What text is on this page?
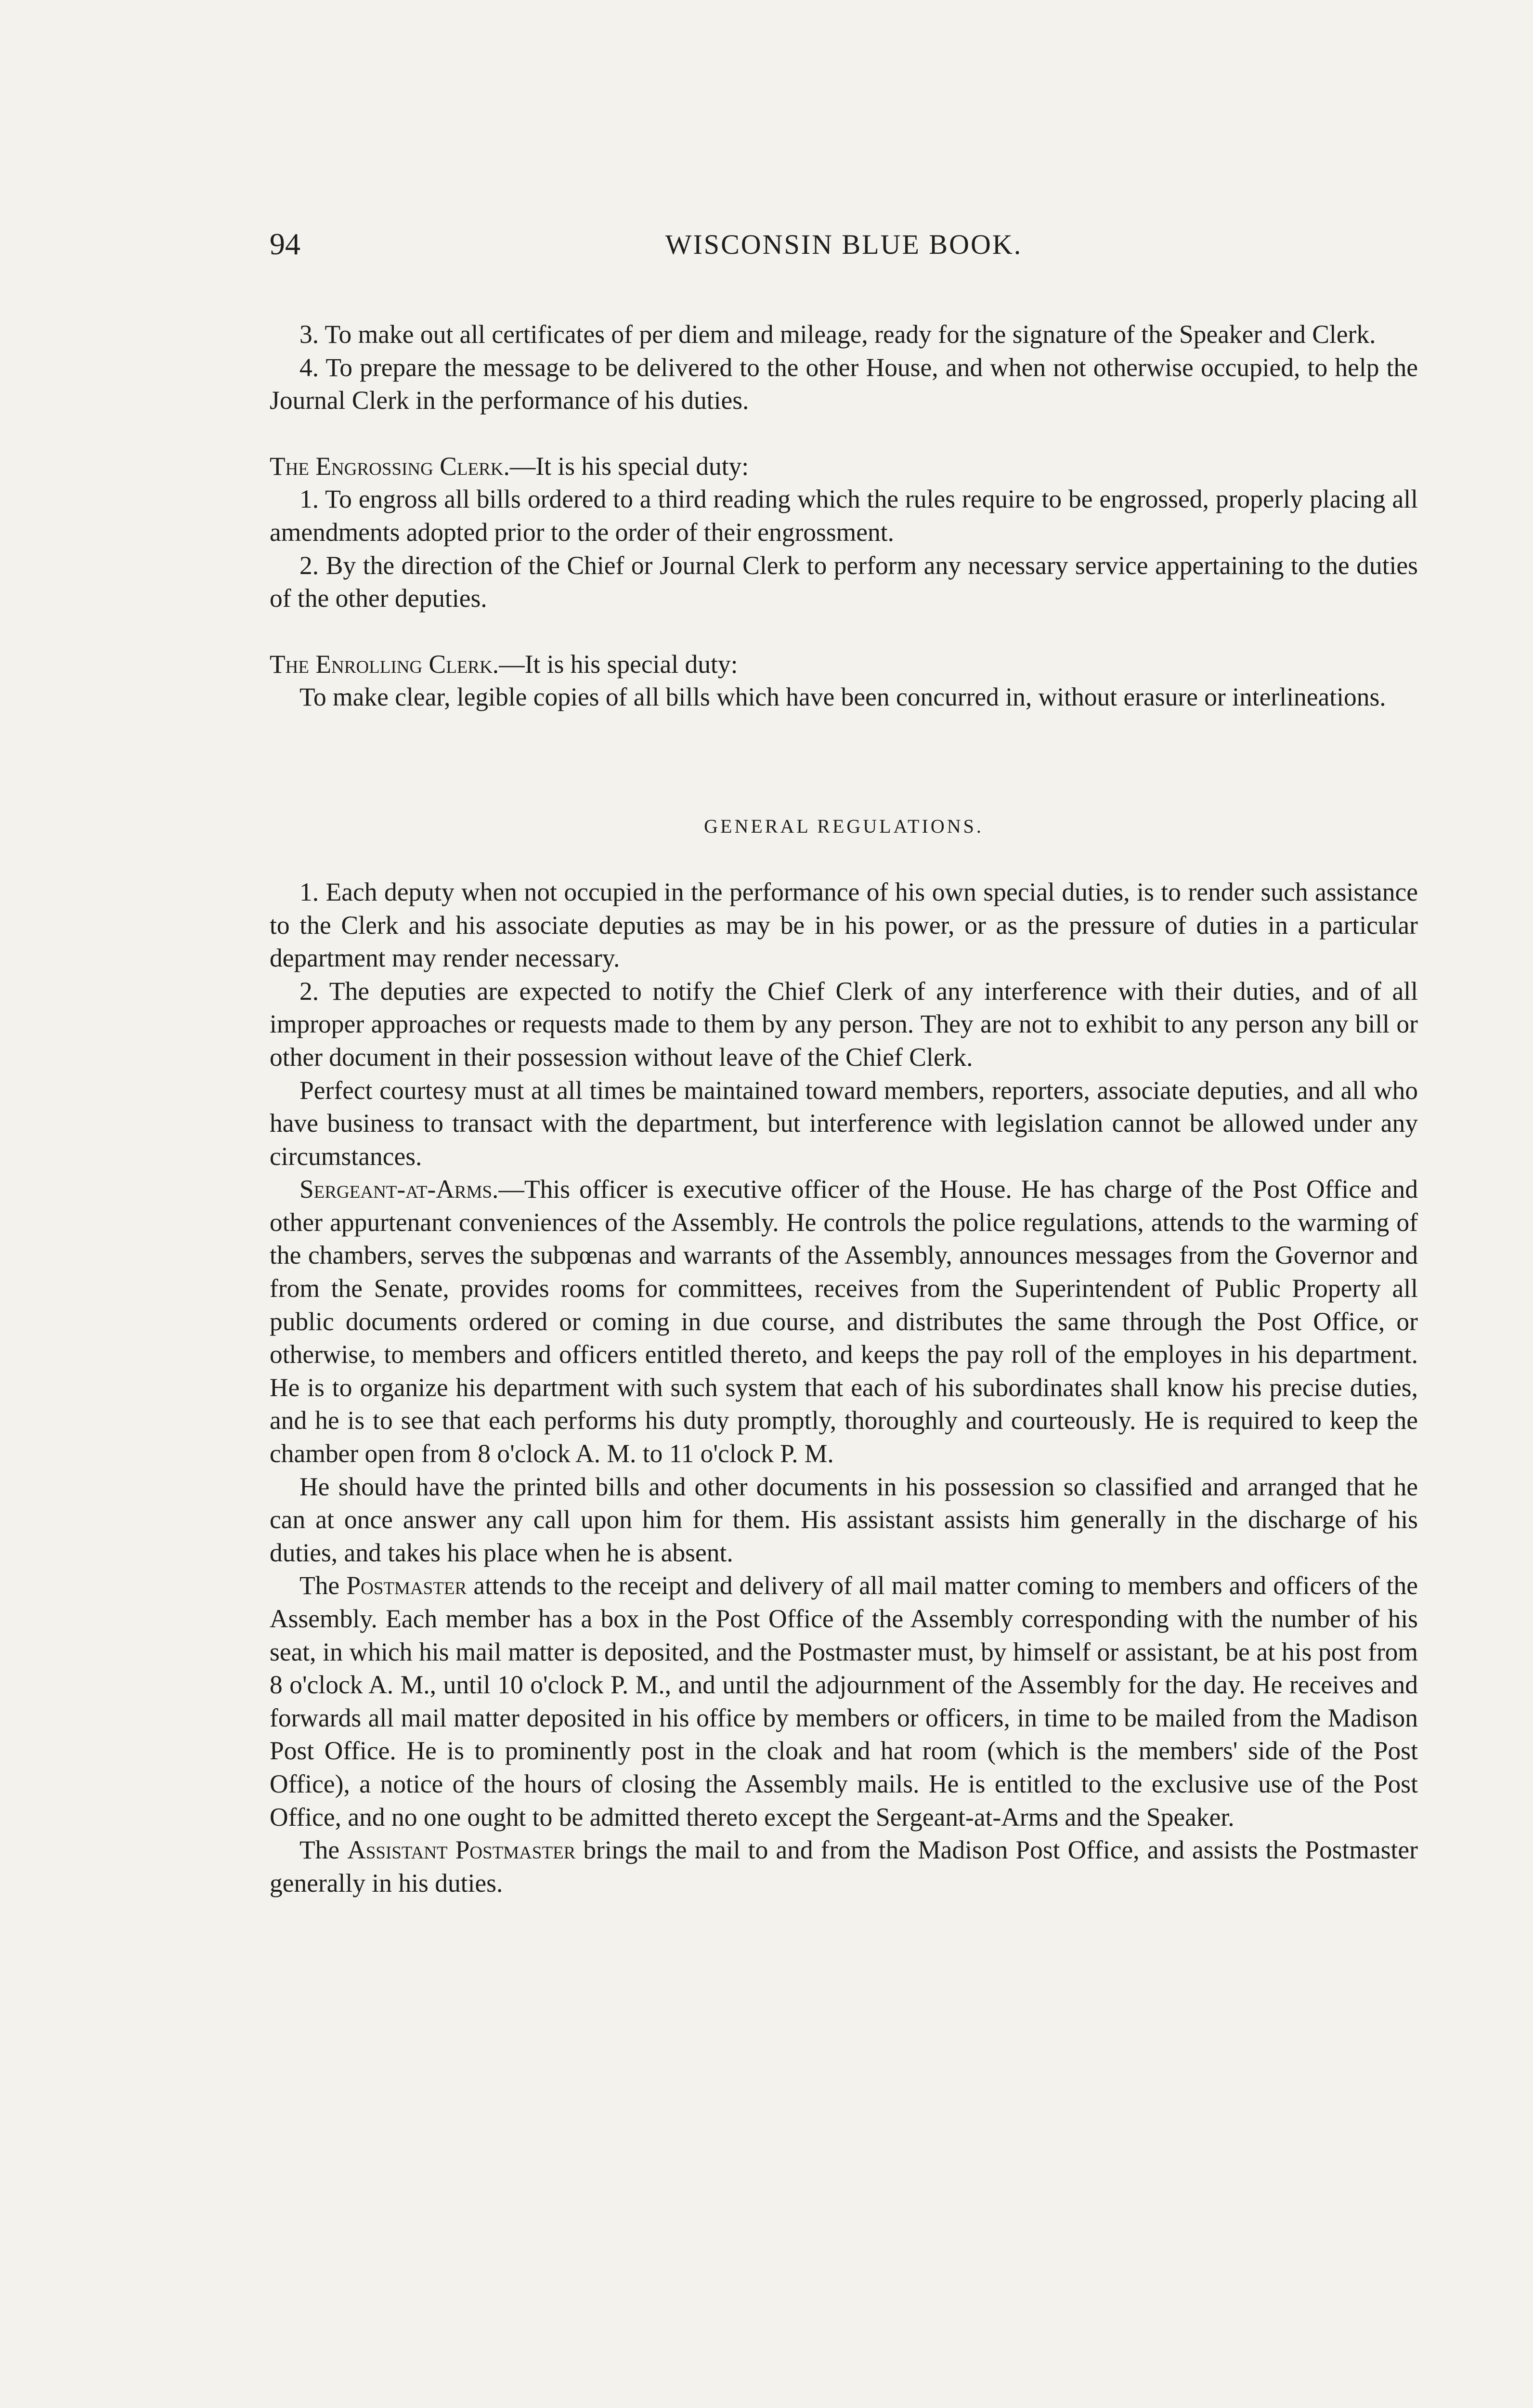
94	WISCONSIN BLUE BOOK.

3. To make out all certificates of per diem and mileage, ready for the signature of the Speaker and Clerk.

4. To prepare the message to be delivered to the other House, and when not otherwise occupied, to help the Journal Clerk in the performance of his duties.

The Engrossing Clerk.—It is his special duty:

1. To engross all bills ordered to a third reading which the rules require to be engrossed, properly placing all amendments adopted prior to the order of their engrossment.

2. By the direction of the Chief or Journal Clerk to perform any necessary service appertaining to the duties of the other deputies.

The Enrolling Clerk.—It is his special duty:

To make clear, legible copies of all bills which have been concurred in, without erasure or interlineations.

GENERAL REGULATIONS.

1. Each deputy when not occupied in the performance of his own special duties, is to render such assistance to the Clerk and his associate deputies as may be in his power, or as the pressure of duties in a particular department may render necessary.

2. The deputies are expected to notify the Chief Clerk of any interference with their duties, and of all improper approaches or requests made to them by any person. They are not to exhibit to any person any bill or other document in their possession without leave of the Chief Clerk.

Perfect courtesy must at all times be maintained toward members, reporters, associate deputies, and all who have business to transact with the department, but interference with legislation cannot be allowed under any circumstances.

Sergeant-at-Arms.—This officer is executive officer of the House. He has charge of the Post Office and other appurtenant conveniences of the Assembly. He controls the police regulations, attends to the warming of the chambers, serves the subpœnas and warrants of the Assembly, announces messages from the Governor and from the Senate, provides rooms for committees, receives from the Superintendent of Public Property all public documents ordered or coming in due course, and distributes the same through the Post Office, or otherwise, to members and officers entitled thereto, and keeps the pay roll of the employes in his department. He is to organize his department with such system that each of his subordinates shall know his precise duties, and he is to see that each performs his duty promptly, thoroughly and courteously. He is required to keep the chamber open from 8 o'clock A. M. to 11 o'clock P. M.

He should have the printed bills and other documents in his possession so classified and arranged that he can at once answer any call upon him for them. His assistant assists him generally in the discharge of his duties, and takes his place when he is absent.

The Postmaster attends to the receipt and delivery of all mail matter coming to members and officers of the Assembly. Each member has a box in the Post Office of the Assembly corresponding with the number of his seat, in which his mail matter is deposited, and the Postmaster must, by himself or assistant, be at his post from 8 o'clock A. M., until 10 o'clock P. M., and until the adjournment of the Assembly for the day. He receives and forwards all mail matter deposited in his office by members or officers, in time to be mailed from the Madison Post Office. He is to prominently post in the cloak and hat room (which is the members' side of the Post Office), a notice of the hours of closing the Assembly mails. He is entitled to the exclusive use of the Post Office, and no one ought to be admitted thereto except the Sergeant-at-Arms and the Speaker.

The Assistant Postmaster brings the mail to and from the Madison Post Office, and assists the Postmaster generally in his duties.
